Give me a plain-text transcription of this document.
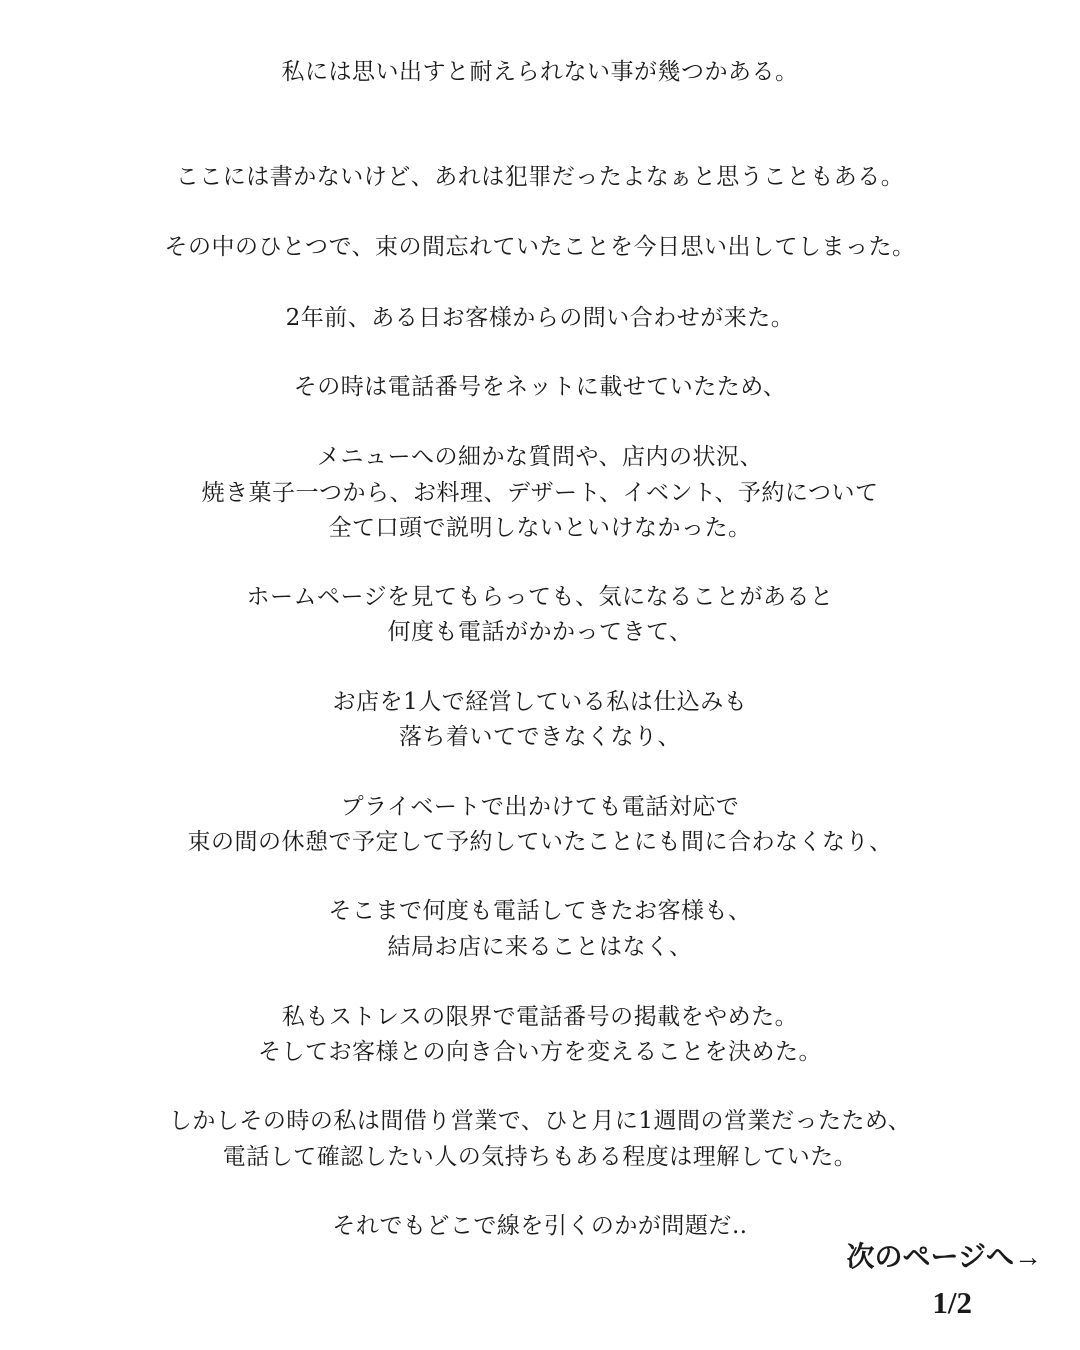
私には思い出すと耐えられない事が幾つかある。
ここには書かないけど、あれは犯罪だったよなぁと思うこともある。
その中のひとつで、束の間忘れていたことを今日思い出してしまった。
2年前、ある日お客様からの問い合わせが来た。
その時は電話番号をネットに載せていたため、
メニューへの細かな質問や、店内の状況、
焼き菓子一つから、お料理、デザート、イベント、予約について
全て口頭で説明しないといけなかった。
ホームページを見てもらっても、気になることがあると
何度も電話がかかってきて、
お店を1人で経営している私は仕込みも
落ち着いてできなくなり、
プライベートで出かけても電話対応で
束の間の休憩で予定して予約していたことにも間に合わなくなり、
そこまで何度も電話してきたお客様も、
結局お店に来ることはなく、
私もストレスの限界で電話番号の掲載をやめた。
そしてお客様との向き合い方を変えることを決めた。
しかしその時の私は間借り営業で、ひと月に1週間の営業だったため、
電話して確認したい人の気持ちもある程度は理解していた。
それでもどこで線を引くのかが問題だ‥
次のページへ→
1/2
